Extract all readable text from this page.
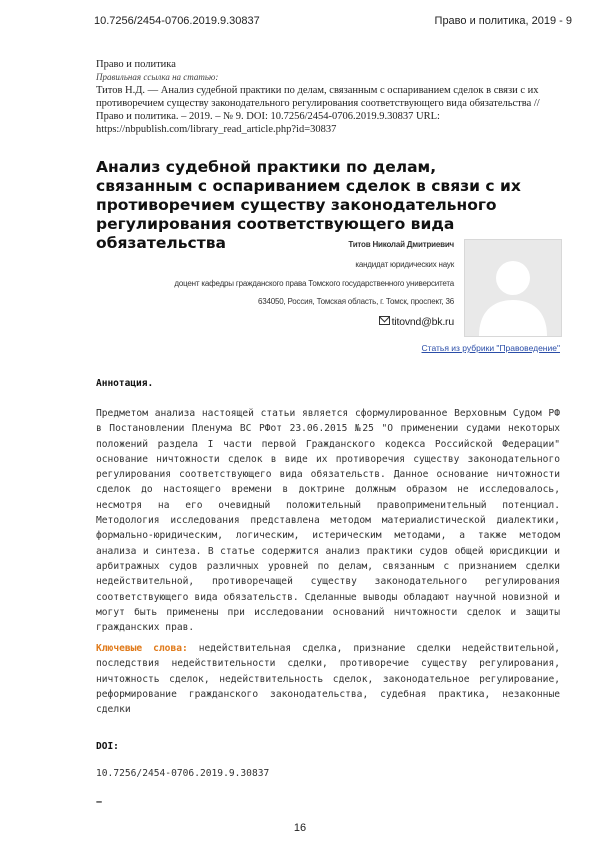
10.7256/2454-0706.2019.9.30837	Право и политика, 2019 - 9
Право и политика
Правильная ссылка на статью:
Титов Н.Д. — Анализ судебной практики по делам, связанным с оспариванием сделок в связи с их противоречием существу законодательного регулирования соответствующего вида обязательства // Право и политика. – 2019. – № 9. DOI: 10.7256/2454-0706.2019.9.30837 URL: https://nbpublish.com/library_read_article.php?id=30837
Анализ судебной практики по делам, связанным с оспариванием сделок в связи с их противоречием существу законодательного регулирования соответствующего вида обязательства	Титов Николай Дмитриевич
кандидат юридических наук
доцент кафедры гражданского права Томского государственного университета
634050, Россия, Томская область, г. Томск, проспект, 36
titovnd@bk.ru
Статья из рубрики "Правоведение"
Аннотация.
Предметом анализа настоящей статьи является сформулированное Верховным Судом РФ в Постановлении Пленума ВС РФот 23.06.2015 №25 "О применении судами некоторых положений раздела I части первой Гражданского кодекса Российской Федерации" основание ничтожности сделок в виде их противоречия существу законодательного регулирования соответствующего вида обязательств. Данное основание ничтожности сделок до настоящего времени в доктрине должным образом не исследовалось, несмотря на его очевидный положительный правоприменительный потенциал. Методология исследования представлена методом материалистической диалектики, формально-юридическим, логическим, истерическим методами, а также методом анализа и синтеза. В статье содержится анализ практики судов общей юрисдикции и арбитражных судов различных уровней по делам, связанным с признанием сделки недействительной, противоречащей существу законодательного регулирования соответствующего вида обязательств. Сделанные выводы обладают научной новизной и могут быть применены при исследовании оснований ничтожности сделок и защиты гражданских прав.
Ключевые слова: недействительная сделка, признание сделки недействительной, последствия недействительности сделки, противоречие существу регулирования, ничтожность сделок, недействительность сделок, законодательное регулирование, реформирование гражданского законодательства, судебная практика, незаконные сделки
DOI:
10.7256/2454-0706.2019.9.30837
–
16
